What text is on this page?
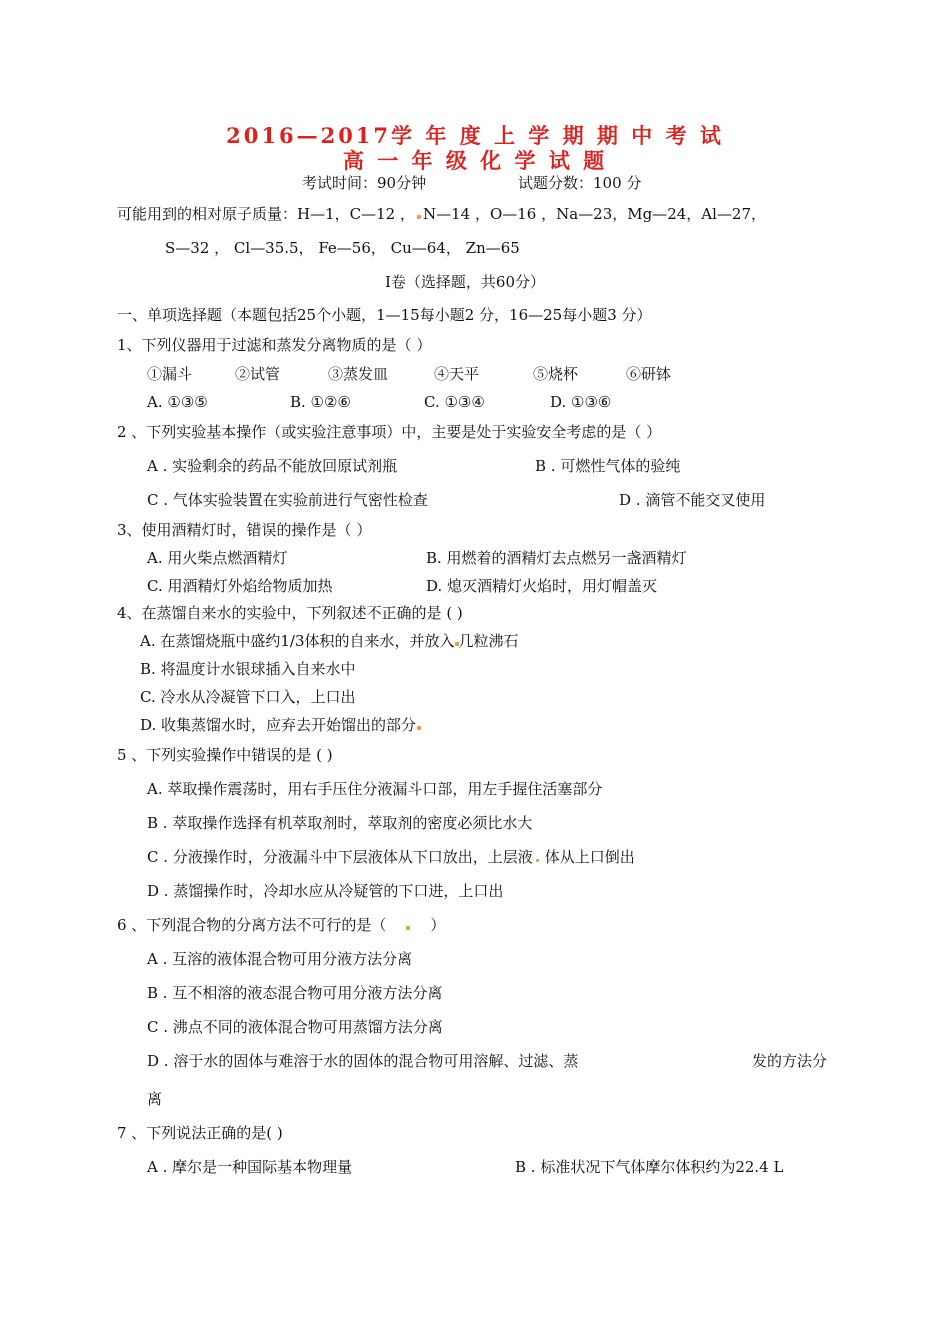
2016—2017学 年 度 上 学 期 期 中 考 试
高 一 年 级 化 学 试 题
考试时间：90分钟	试题分数：100 分
可能用到的相对原子质量：H—1，C—12 ， N—14 ，O—16 ，Na—23，Mg—24，Al—27，
S—32 ， Cl—35.5， Fe—56， Cu—64， Zn—65
Ⅰ卷（选择题，共60分）
一、单项选择题（本题包括25个小题，1—15每小题2 分，16—25每小题3 分）
1、下列仪器用于过滤和蒸发分离物质的是（ ）
①漏斗	②试管	③蒸发皿	④天平	⑤烧杯	⑥研钵
A. ①③⑤	B. ①②⑥	C. ①③④	D. ①③⑥
2 、下列实验基本操作（或实验注意事项）中，主要是处于实验安全考虑的是（ ）
A . 实验剩余的药品不能放回原试剂瓶	B . 可燃性气体的验纯
C . 气体实验装置在实验前进行气密性检查	D . 滴管不能交叉使用
3、使用酒精灯时，错误的操作是（ ）
A. 用火柴点燃酒精灯	B. 用燃着的酒精灯去点燃另一盏酒精灯
C. 用酒精灯外焰给物质加热	D. 熄灭酒精灯火焰时，用灯帽盖灭
4、在蒸馏自来水的实验中，下列叙述不正确的是 ( )
A. 在蒸馏烧瓶中盛约1/3体积的自来水，并放入 几粒沸石
B. 将温度计水银球插入自来水中
C. 冷水从冷凝管下口入，上口出
D. 收集蒸馏水时，应弃去开始馏出的部分
5 、下列实验操作中错误的是 ( )
A. 萃取操作震荡时，用右手压住分液漏斗口部，用左手握住活塞部分
B . 萃取操作选择有机萃取剂时，萃取剂的密度必须比水大
C . 分液操作时，分液漏斗中下层液体从下口放出，上层液 体从上口倒出
D . 蒸馏操作时，冷却水应从冷疑管的下口进，上口出
6 、下列混合物的分离方法不可行的是（	）
A . 互溶的液体混合物可用分液方法分离
B . 互不相溶的液态混合物可用分液方法分离
C . 沸点不同的液体混合物可用蒸馏方法分离
D . 溶于水的固体与难溶于水的固体的混合物可用溶解、过滤、蒸	发的方法分
离
7 、下列说法正确的是( )
A . 摩尔是一种国际基本物理量	B . 标准状况下气体摩尔体积约为22.4 L
